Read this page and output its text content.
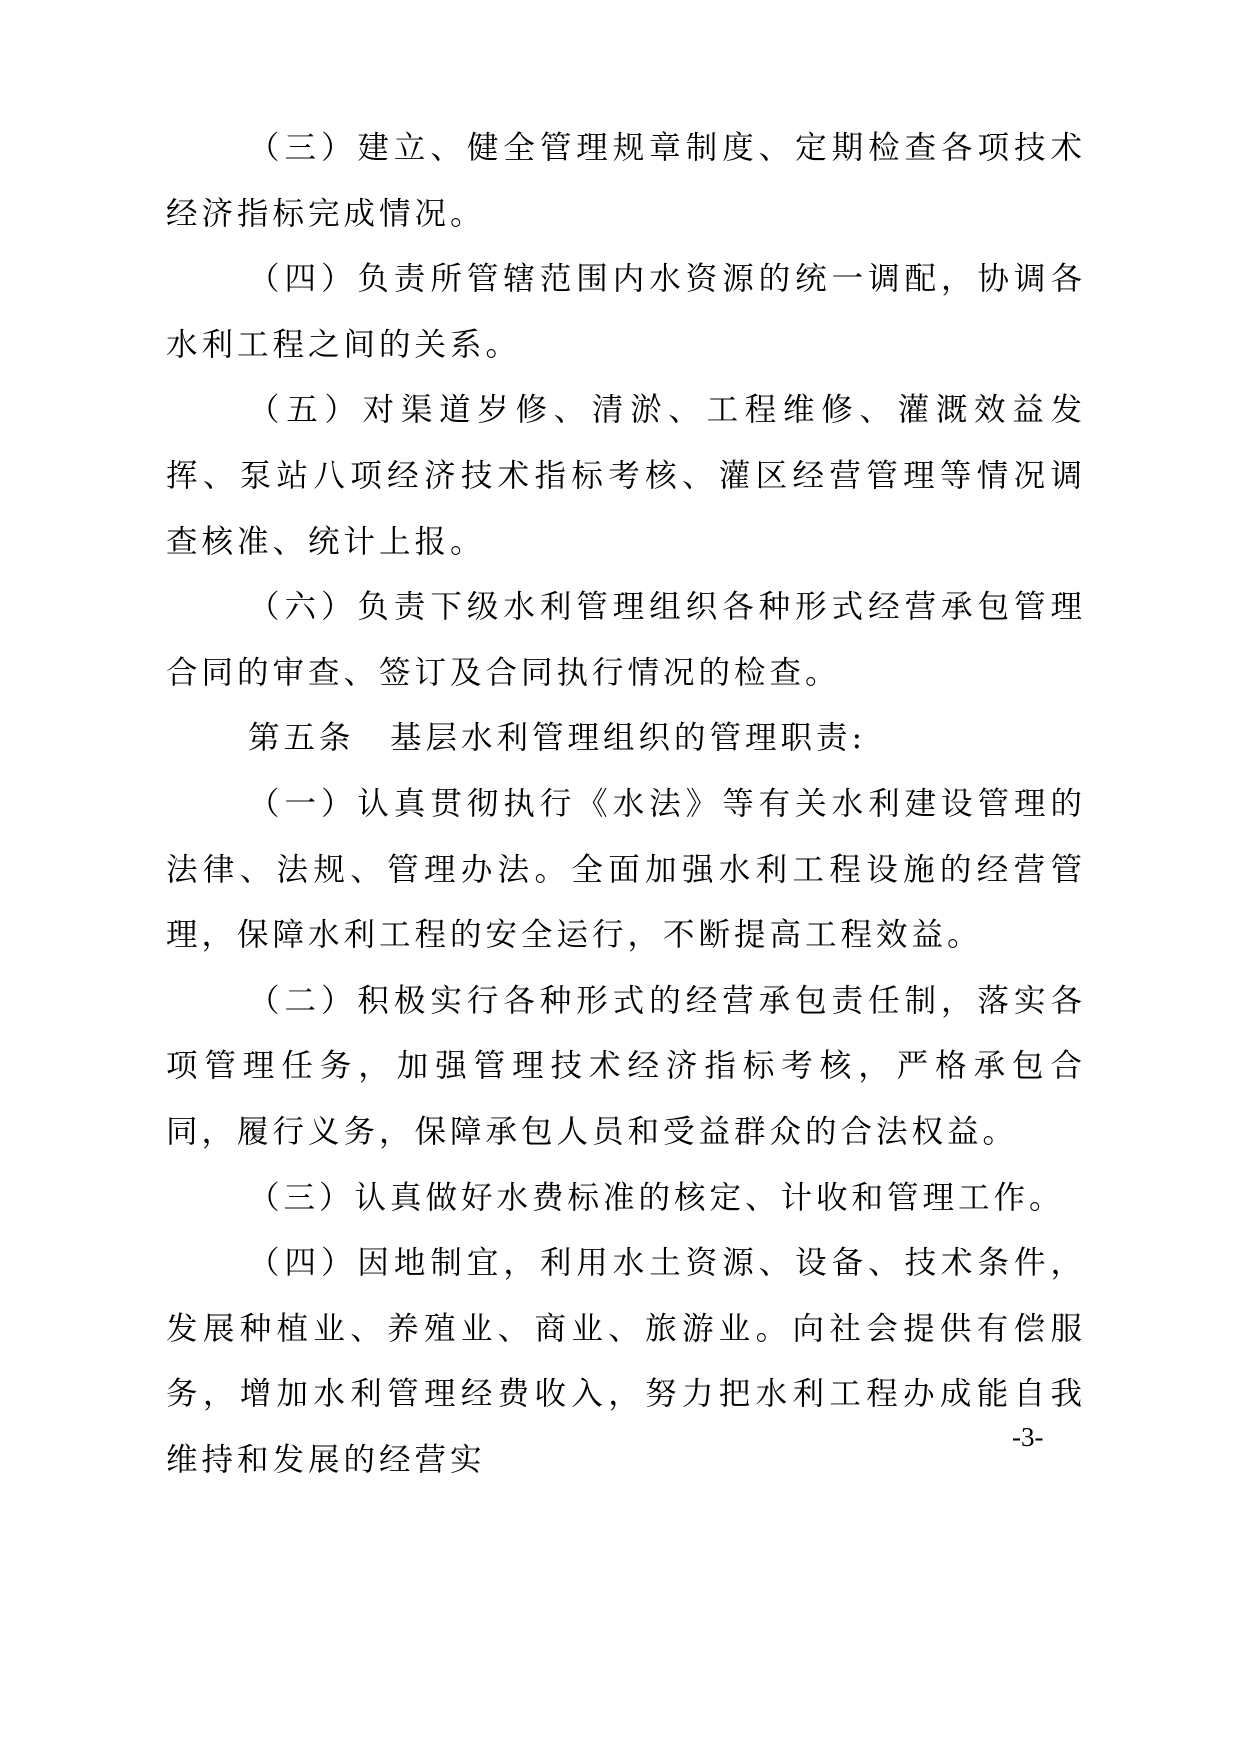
（三）建立、健全管理规章制度、定期检查各项技术经济指标完成情况。

（四）负责所管辖范围内水资源的统一调配，协调各水利工程之间的关系。

（五）对渠道岁修、清淤、工程维修、灌溉效益发挥、泵站八项经济技术指标考核、灌区经营管理等情况调查核准、统计上报。

（六）负责下级水利管理组织各种形式经营承包管理合同的审查、签订及合同执行情况的检查。

第五条　基层水利管理组织的管理职责:

（一）认真贯彻执行《水法》等有关水利建设管理的法律、法规、管理办法。全面加强水利工程设施的经营管理，保障水利工程的安全运行，不断提高工程效益。

（二）积极实行各种形式的经营承包责任制，落实各项管理任务，加强管理技术经济指标考核，严格承包合同，履行义务，保障承包人员和受益群众的合法权益。

（三）认真做好水费标准的核定、计收和管理工作。

（四）因地制宜，利用水土资源、设备、技术条件，发展种植业、养殖业、商业、旅游业。向社会提供有偿服务，增加水利管理经费收入，努力把水利工程办成能自我维持和发展的经营实

-3-
